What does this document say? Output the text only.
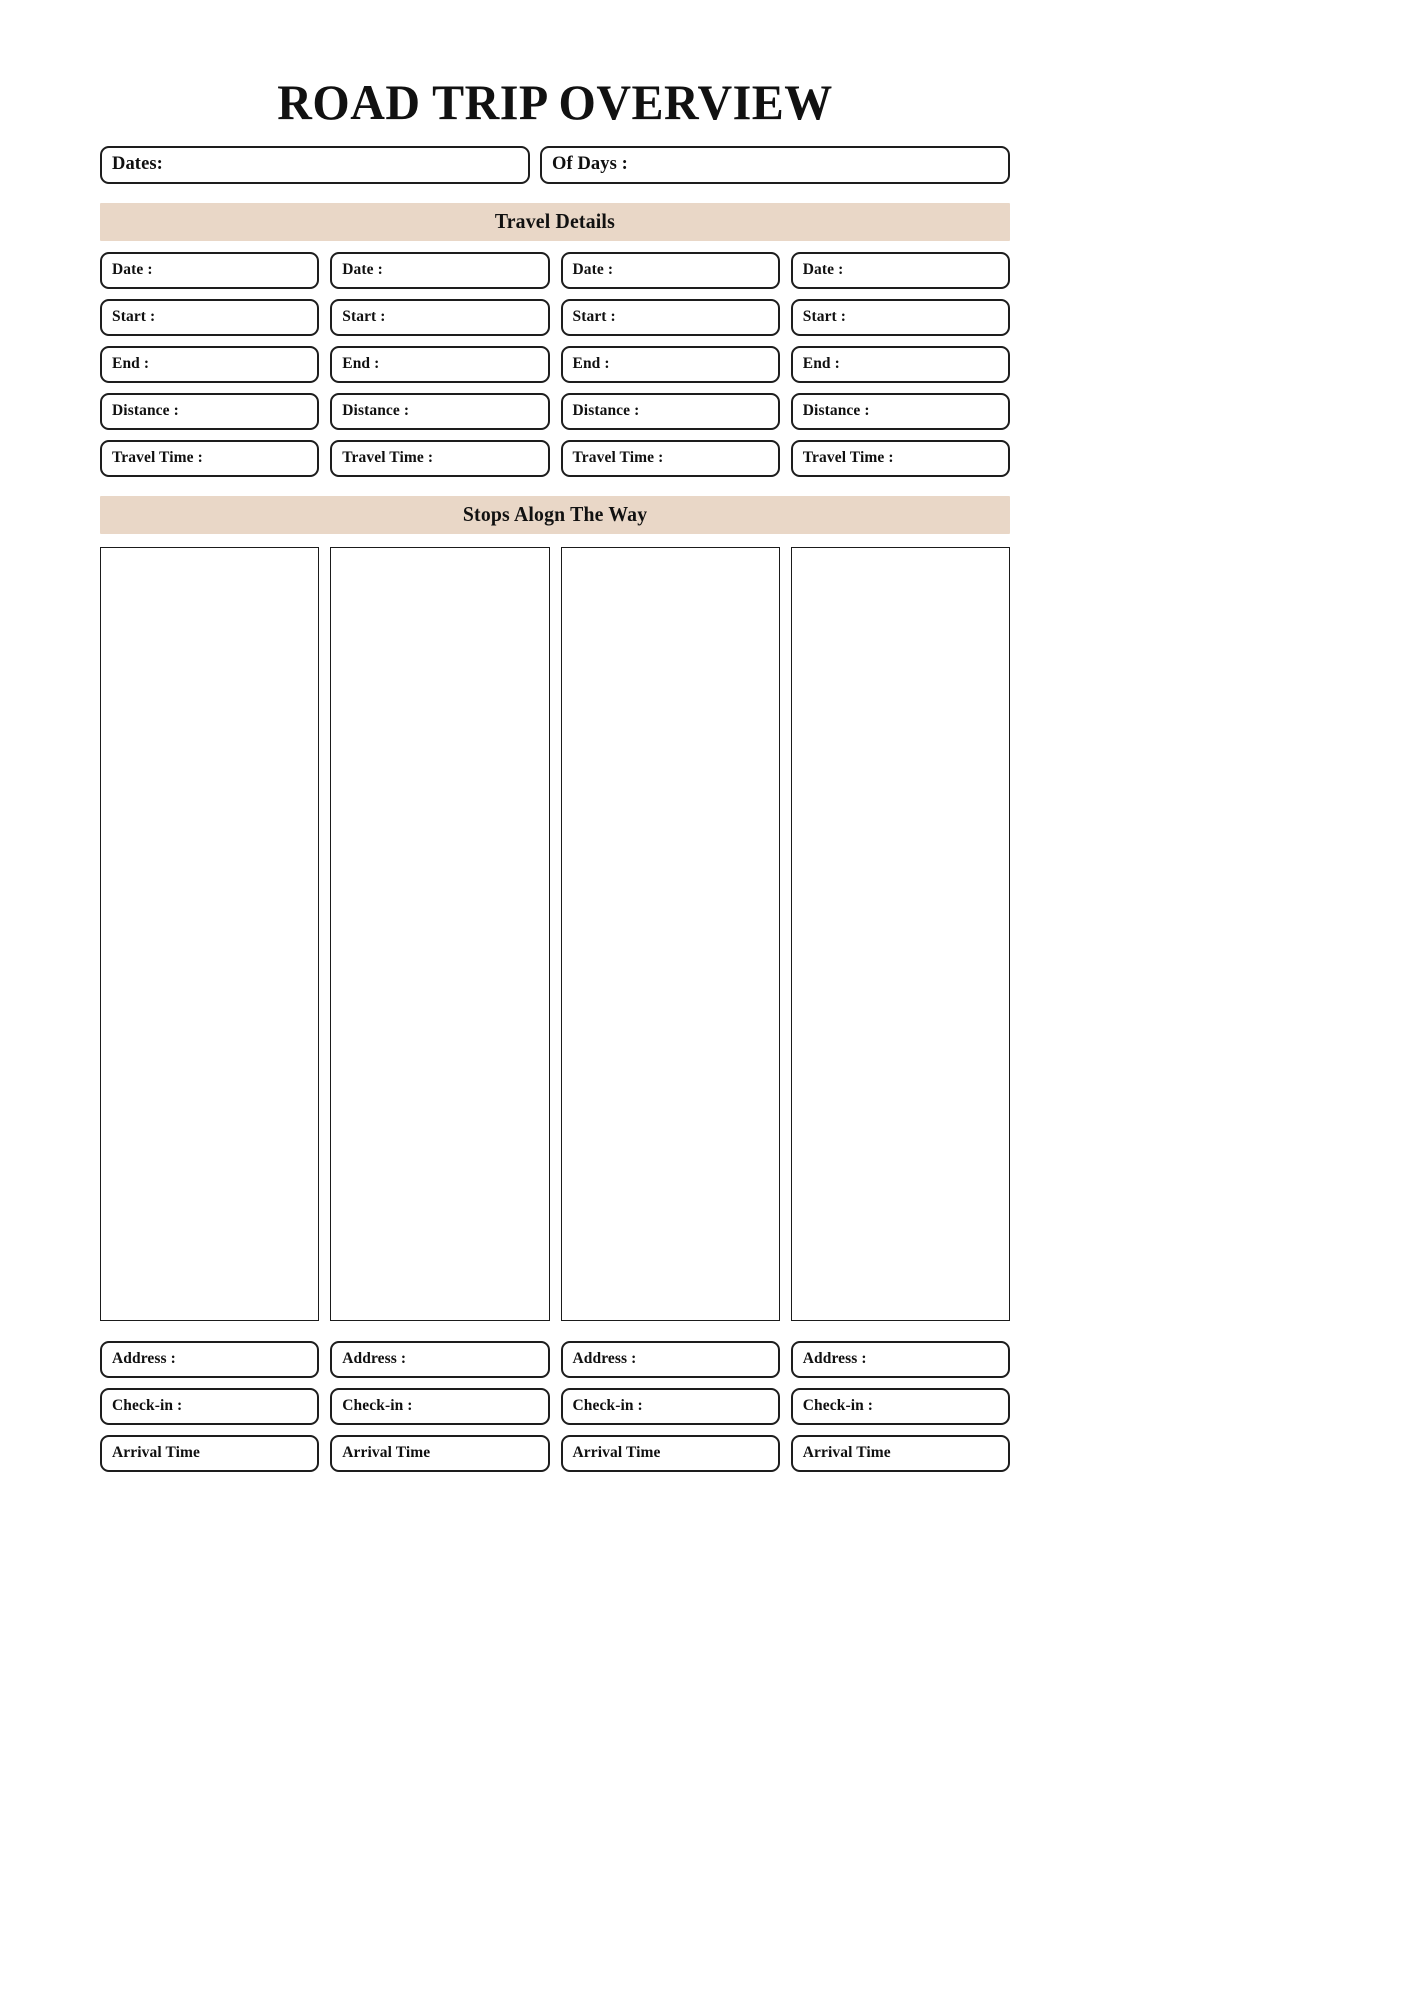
ROAD TRIP OVERVIEW
Dates:	Of Days :
Travel Details
Date :	Date :	Date :	Date :
Start :	Start :	Start :	Start :
End :	End :	End :	End :
Distance :	Distance :	Distance :	Distance :
Travel Time :	Travel Time :	Travel Time :	Travel Time :
Stops Alogn The Way
Address :	Address :	Address :	Address :
Check-in :	Check-in :	Check-in :	Check-in :
Arrival Time	Arrival Time	Arrival Time	Arrival Time
